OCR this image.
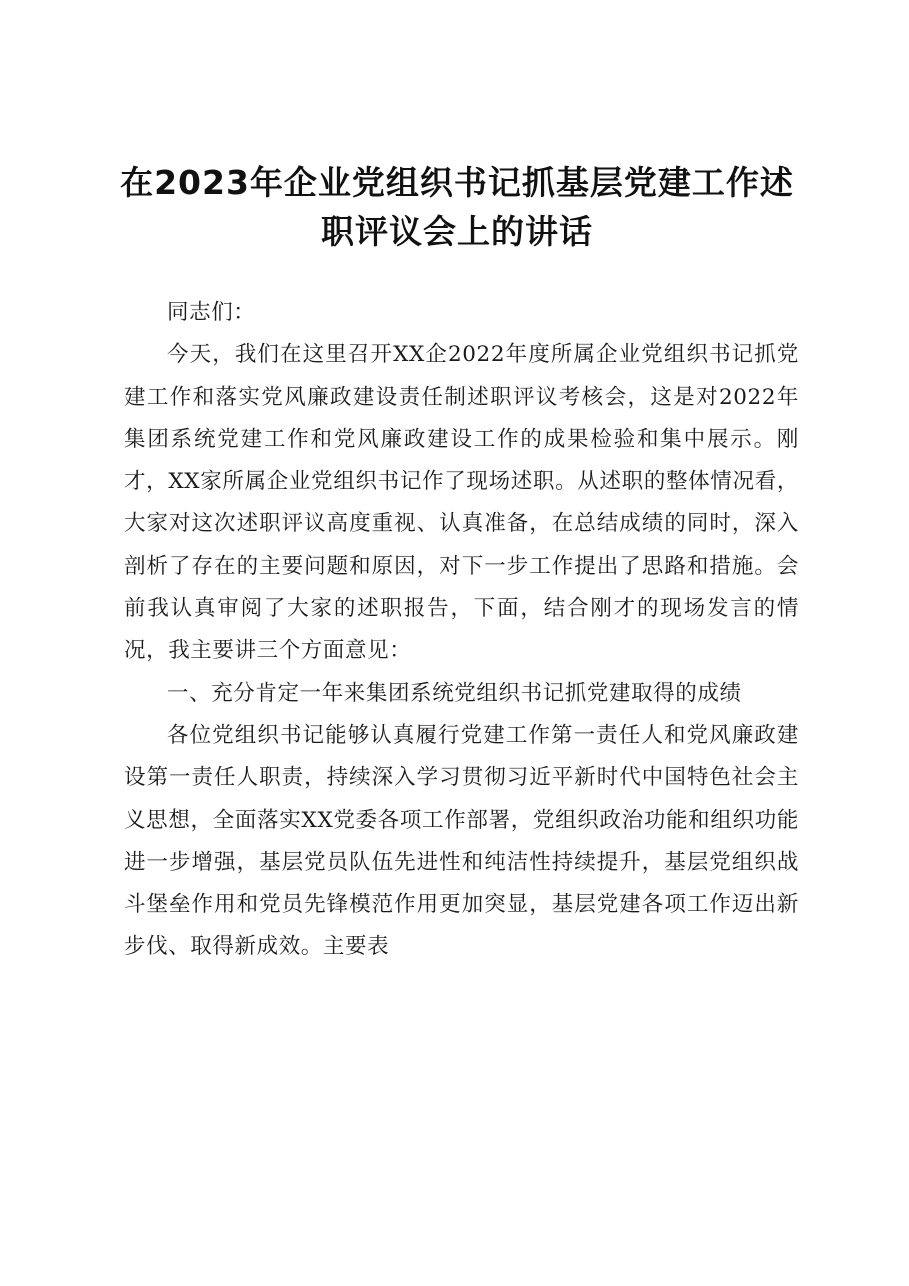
在2023年企业党组织书记抓基层党建工作述
职评议会上的讲话

同志们：

今天，我们在这里召开XX企2022年度所属企业党组织书记抓党建工作和落实党风廉政建设责任制述职评议考核会，这是对2022年集团系统党建工作和党风廉政建设工作的成果检验和集中展示。刚才，XX家所属企业党组织书记作了现场述职。从述职的整体情况看，大家对这次述职评议高度重视、认真准备，在总结成绩的同时，深入剖析了存在的主要问题和原因，对下一步工作提出了思路和措施。会前我认真审阅了大家的述职报告，下面，结合刚才的现场发言的情况，我主要讲三个方面意见：

一、充分肯定一年来集团系统党组织书记抓党建取得的成绩

各位党组织书记能够认真履行党建工作第一责任人和党风廉政建设第一责任人职责，持续深入学习贯彻习近平新时代中国特色社会主义思想，全面落实XX党委各项工作部署，党组织政治功能和组织功能进一步增强，基层党员队伍先进性和纯洁性持续提升，基层党组织战斗堡垒作用和党员先锋模范作用更加突显，基层党建各项工作迈出新步伐、取得新成效。主要表
